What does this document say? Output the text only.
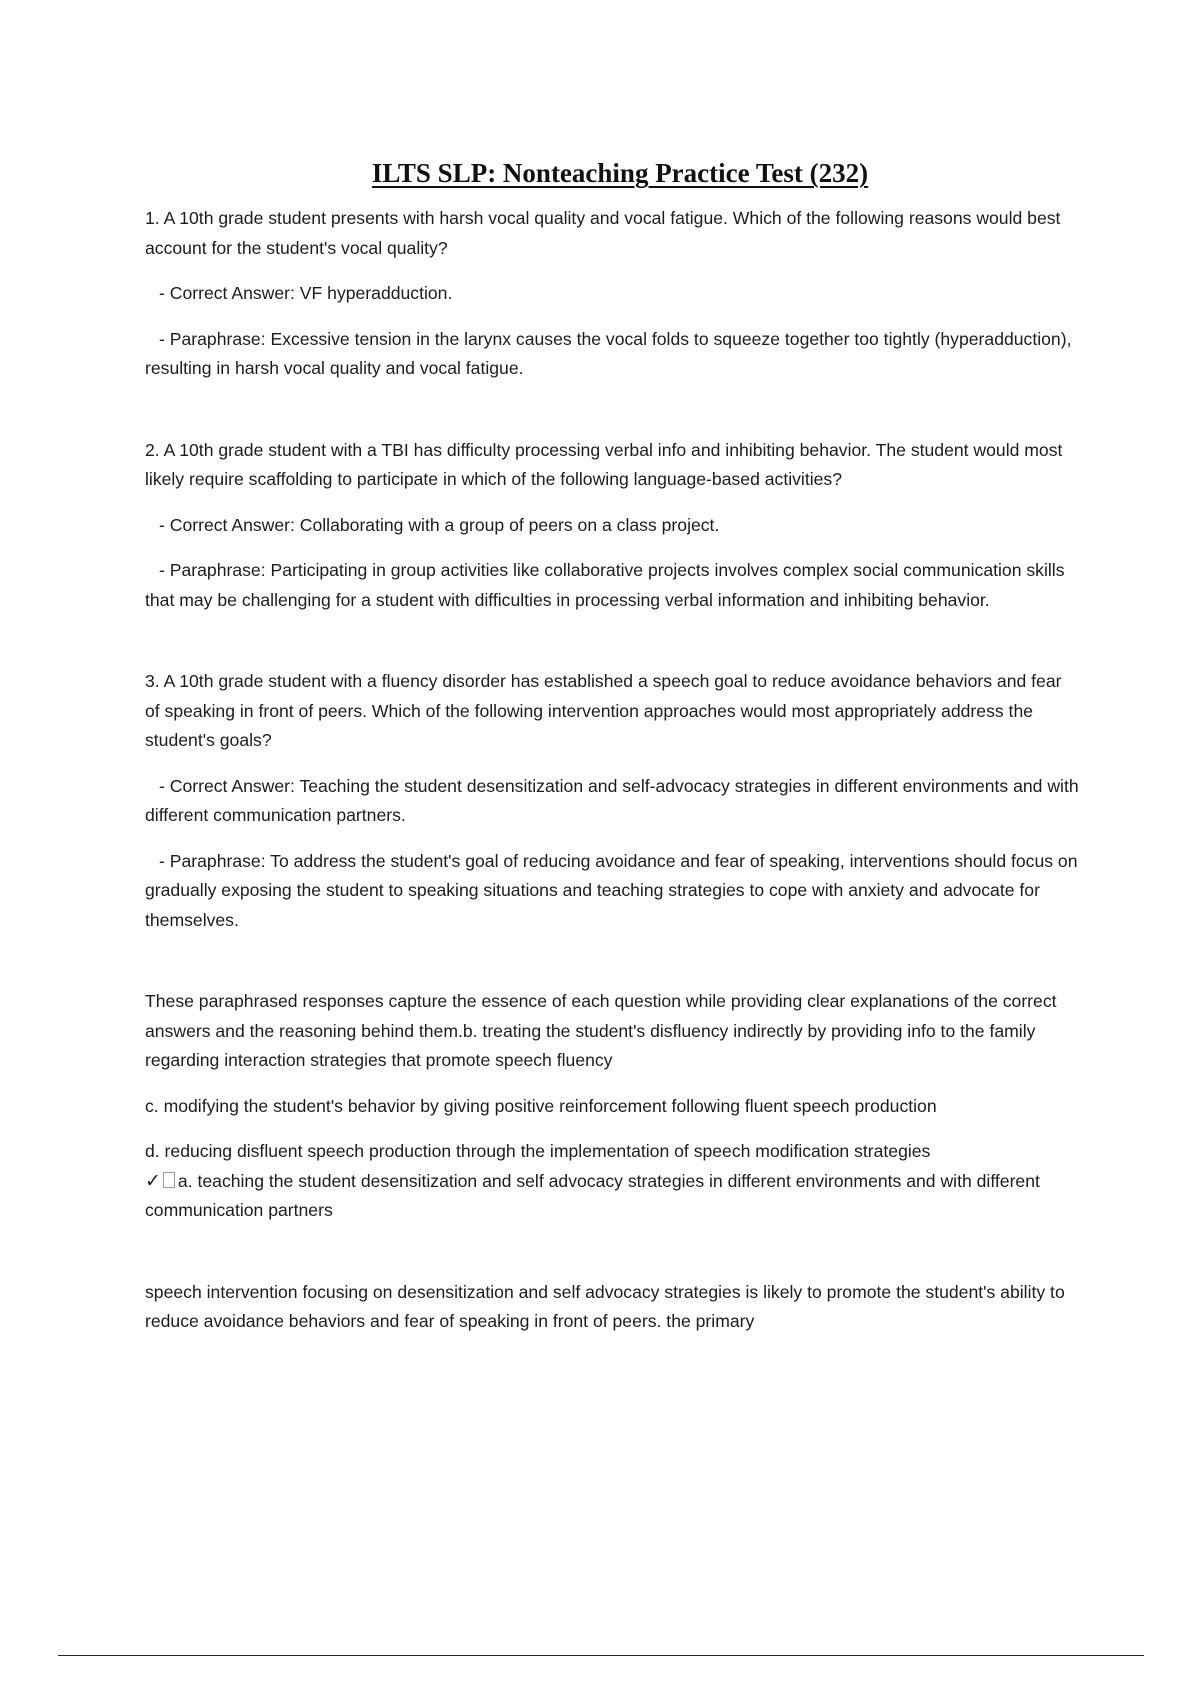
ILTS SLP: Nonteaching Practice Test (232)

1. A 10th grade student presents with harsh vocal quality and vocal fatigue. Which of the following reasons would best account for the student's vocal quality?

- Correct Answer: VF hyperadduction.

- Paraphrase: Excessive tension in the larynx causes the vocal folds to squeeze together too tightly (hyperadduction), resulting in harsh vocal quality and vocal fatigue.

2. A 10th grade student with a TBI has difficulty processing verbal info and inhibiting behavior. The student would most likely require scaffolding to participate in which of the following language-based activities?

- Correct Answer: Collaborating with a group of peers on a class project.

- Paraphrase: Participating in group activities like collaborative projects involves complex social communication skills that may be challenging for a student with difficulties in processing verbal information and inhibiting behavior.

3. A 10th grade student with a fluency disorder has established a speech goal to reduce avoidance behaviors and fear of speaking in front of peers. Which of the following intervention approaches would most appropriately address the student's goals?

- Correct Answer: Teaching the student desensitization and self-advocacy strategies in different environments and with different communication partners.

- Paraphrase: To address the student's goal of reducing avoidance and fear of speaking, interventions should focus on gradually exposing the student to speaking situations and teaching strategies to cope with anxiety and advocate for themselves.

These paraphrased responses capture the essence of each question while providing clear explanations of the correct answers and the reasoning behind them.b. treating the student's disfluency indirectly by providing info to the family regarding interaction strategies that promote speech fluency

c. modifying the student's behavior by giving positive reinforcement following fluent speech production

d. reducing disfluent speech production through the implementation of speech modification strategies

✓ a. teaching the student desensitization and self advocacy strategies in different environments and with different communication partners

speech intervention focusing on desensitization and self advocacy strategies is likely to promote the student's ability to reduce avoidance behaviors and fear of speaking in front of peers. the primary
